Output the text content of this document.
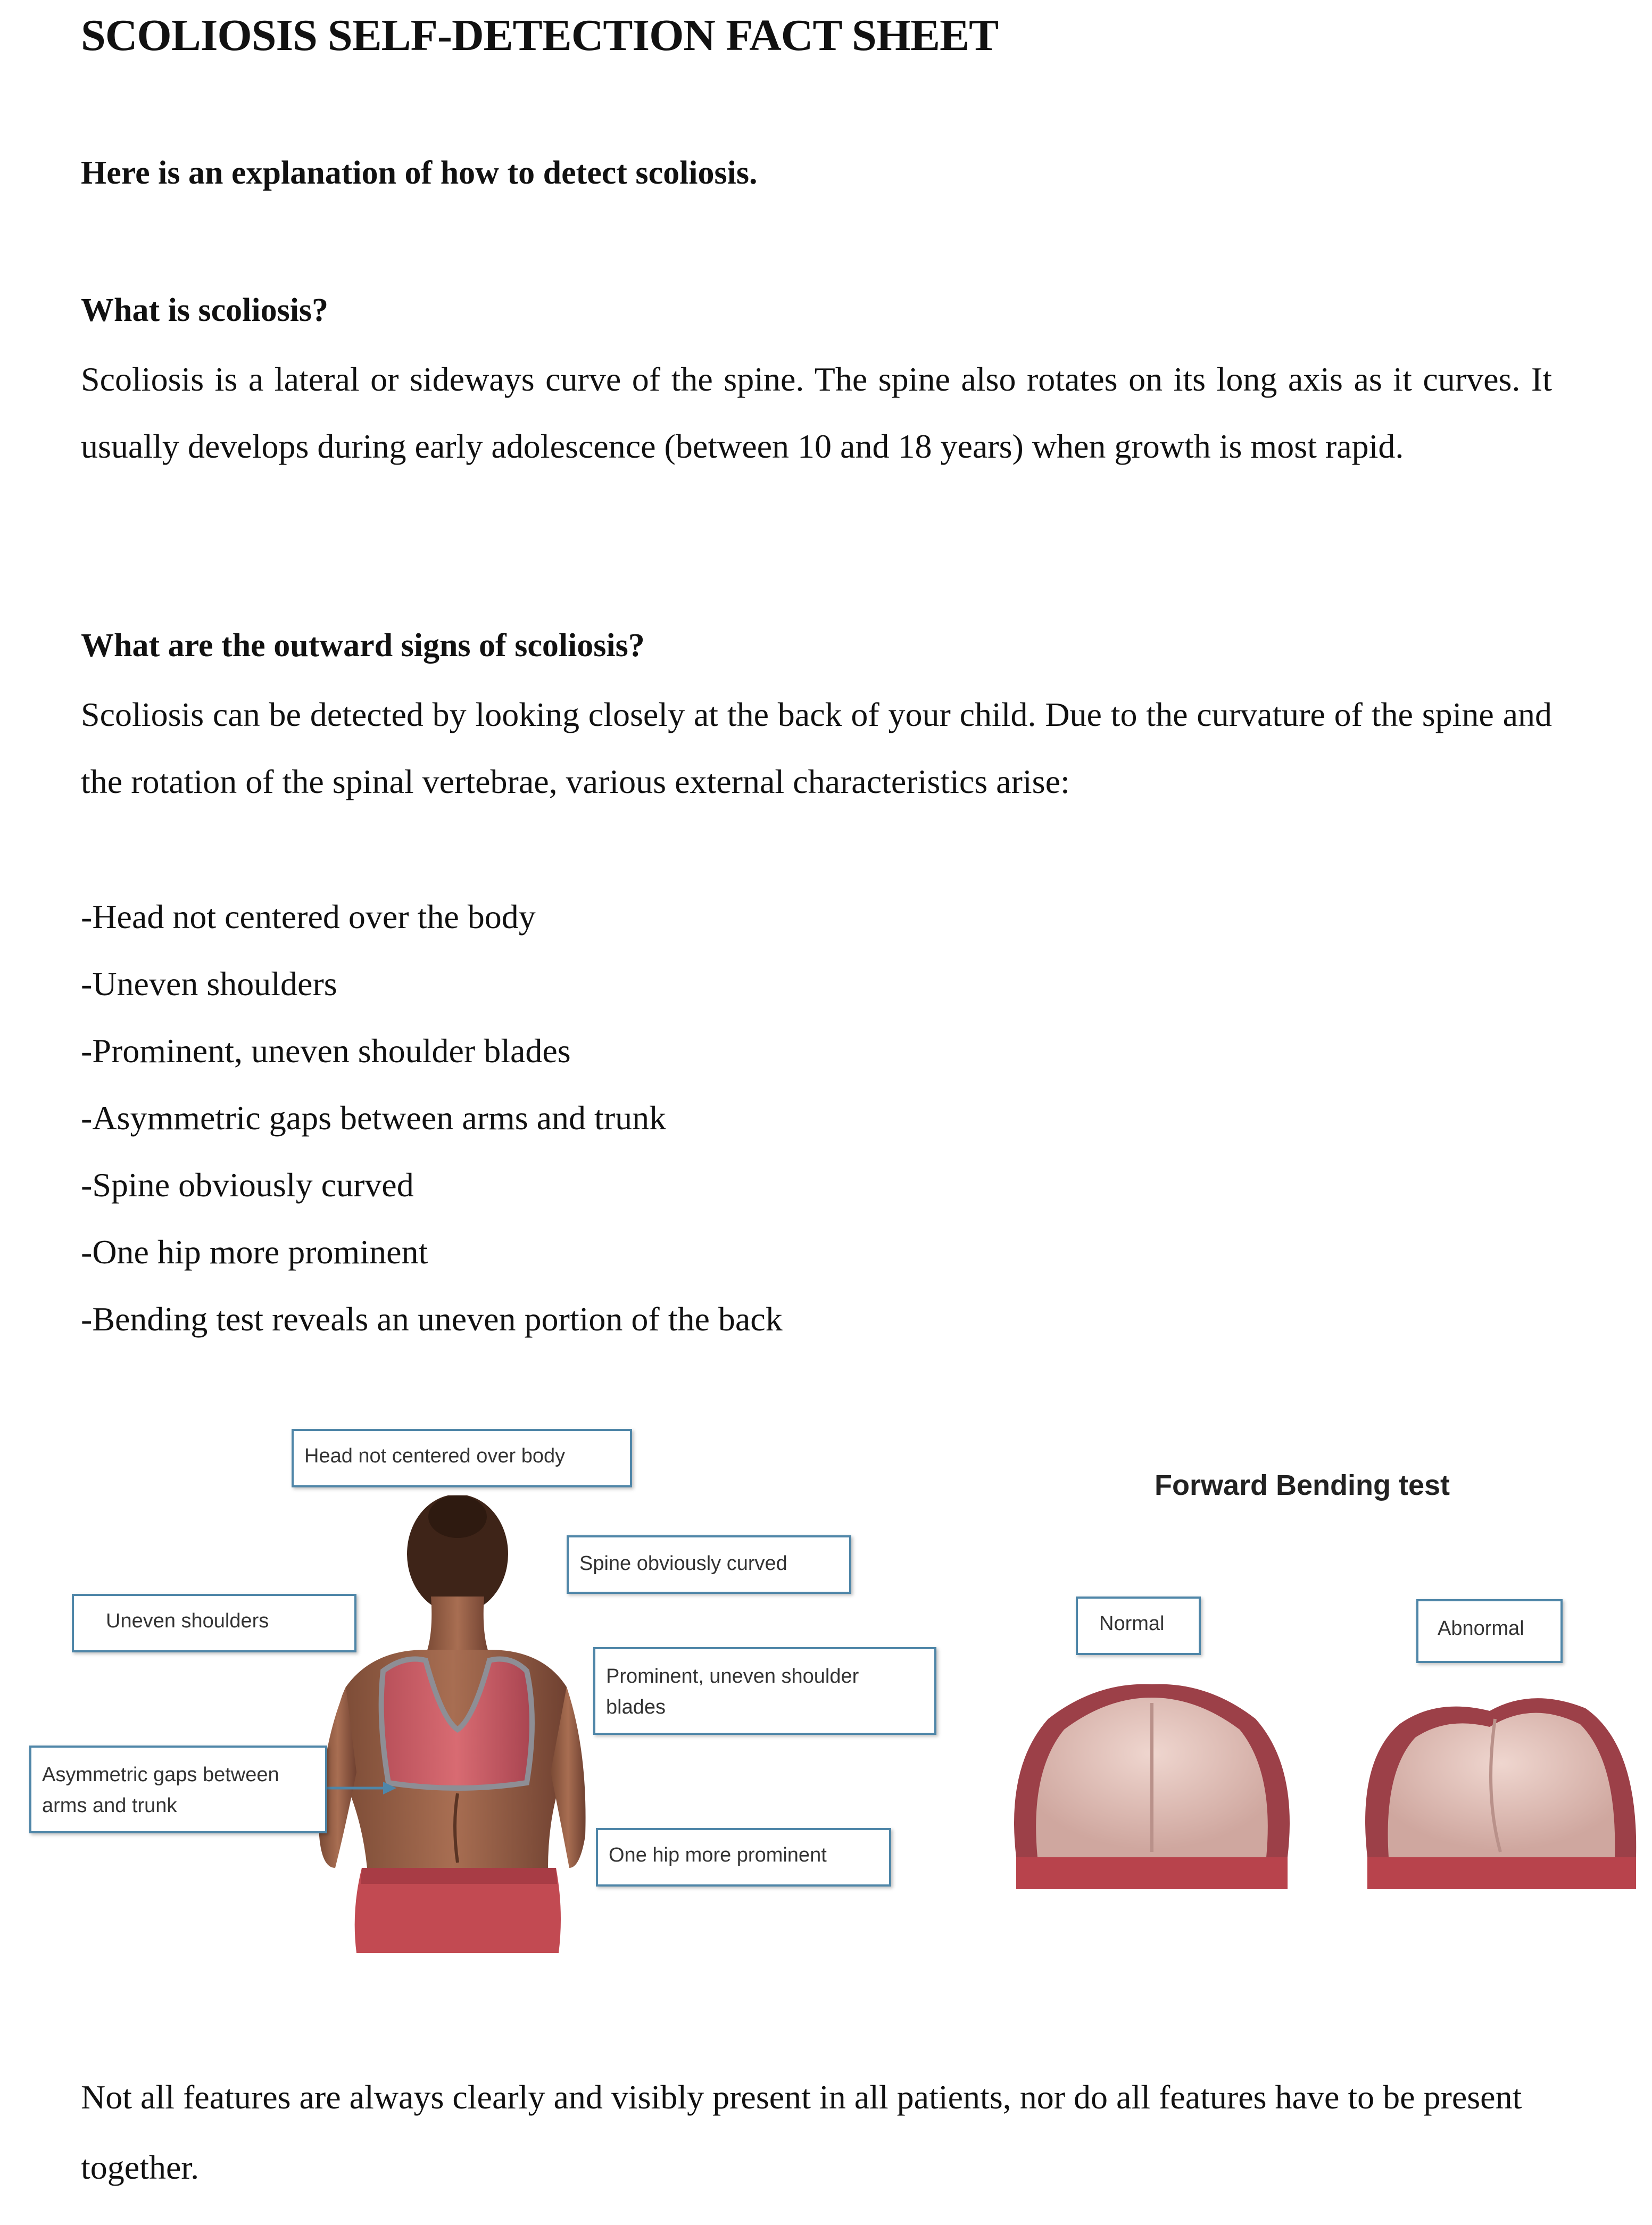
SCOLIOSIS SELF-DETECTION FACT SHEET

Here is an explanation of how to detect scoliosis.

What is scoliosis?

Scoliosis is a lateral or sideways curve of the spine. The spine also rotates on its long axis as it curves. It usually develops during early adolescence (between 10 and 18 years) when growth is most rapid.

What are the outward signs of scoliosis?

Scoliosis can be detected by looking closely at the back of your child. Due to the curvature of the spine and the rotation of the spinal vertebrae, various external characteristics arise:

-Head not centered over the body
-Uneven shoulders
-Prominent, uneven shoulder blades
-Asymmetric gaps between arms and trunk
-Spine obviously curved
-One hip more prominent
-Bending test reveals an uneven portion of the back
Head not centered over body
Spine obviously curved
Uneven shoulders
Prominent, uneven shoulder blades
Asymmetric gaps between arms and trunk
One hip more prominent
Forward Bending test
Normal	Abnormal

Not all features are always clearly and visibly present in all patients, nor do all features have to be present together.
